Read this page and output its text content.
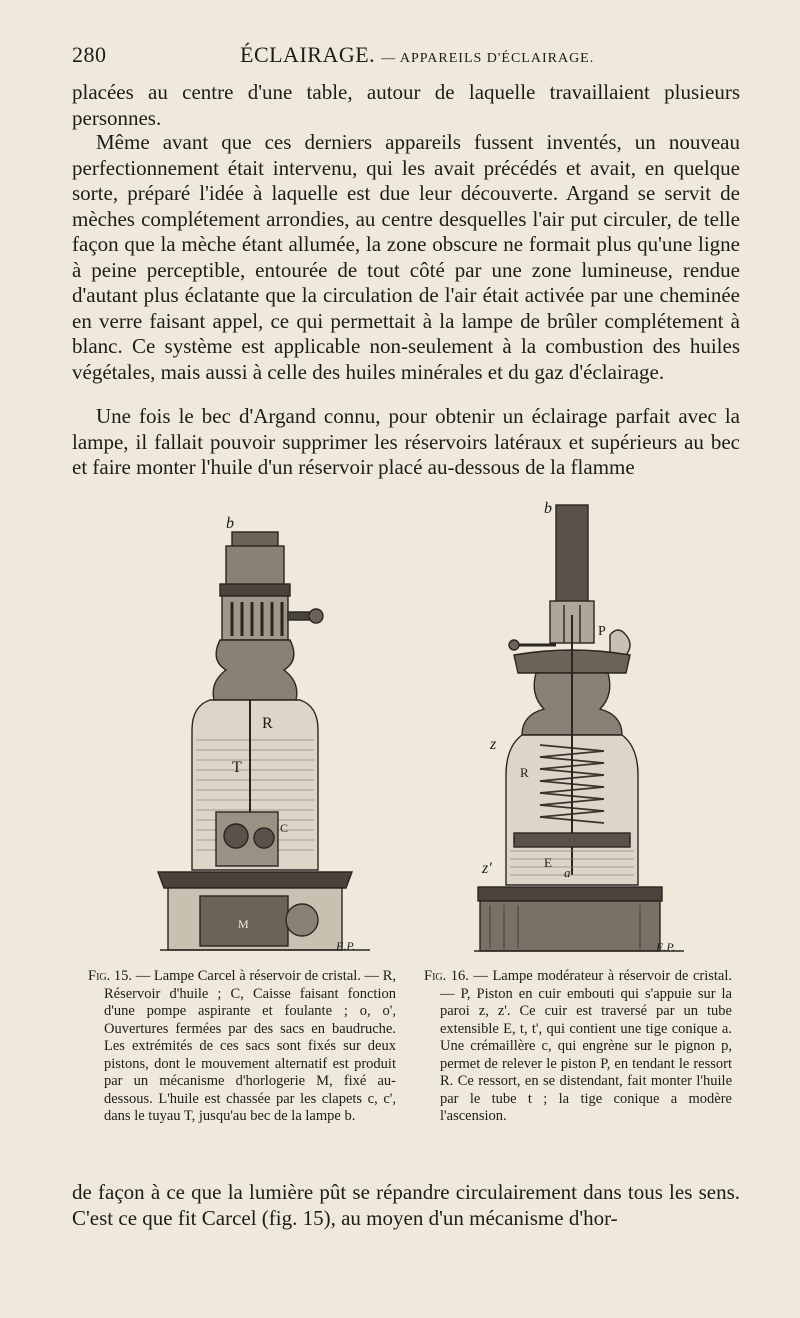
280	ÉCLAIRAGE. — APPAREILS D'ÉCLAIRAGE.

placées au centre d'une table, autour de laquelle travaillaient plusieurs personnes.

Même avant que ces derniers appareils fussent inventés, un nouveau perfectionnement était intervenu, qui les avait précédés et avait, en quelque sorte, préparé l'idée à laquelle est due leur découverte. Argand se servit de mèches complétement arrondies, au centre desquelles l'air put circuler, de telle façon que la mèche étant allumée, la zone obscure ne formait plus qu'une ligne à peine perceptible, entourée de tout côté par une zone lumineuse, rendue d'autant plus éclatante que la circulation de l'air était activée par une cheminée en verre faisant appel, ce qui permettait à la lampe de brûler complétement à blanc. Ce système est applicable non-seulement à la combustion des huiles végétales, mais aussi à celle des huiles minérales et du gaz d'éclairage.

Une fois le bec d'Argand connu, pour obtenir un éclairage parfait avec la lampe, il fallait pouvoir supprimer les réservoirs latéraux et supérieurs au bec et faire monter l'huile d'un réservoir placé au-dessous de la flamme

b
R
T
C
M
E.P.
b
P
z
R
E
a
z'
E.P.
Fig. 15. — Lampe Carcel à réservoir de cristal. — R, Réservoir d'huile ; C, Caisse faisant fonction d'une pompe aspirante et foulante ; o, o', Ouvertures fermées par des sacs en baudruche. Les extrémités de ces sacs sont fixés sur deux pistons, dont le mouvement alternatif est produit par un mécanisme d'horlogerie M, fixé au-dessous. L'huile est chassée par les clapets c, c', dans le tuyau T, jusqu'au bec de la lampe b.
Fig. 16. — Lampe modérateur à réservoir de cristal. — P, Piston en cuir embouti qui s'appuie sur la paroi z, z'. Ce cuir est traversé par un tube extensible E, t, t', qui contient une tige conique a. Une crémaillère c, qui engrène sur le pignon p, permet de relever le piston P, en tendant le ressort R. Ce ressort, en se distendant, fait monter l'huile par le tube t ; la tige conique a modère l'ascension.

de façon à ce que la lumière pût se répandre circulairement dans tous les sens. C'est ce que fit Carcel (fig. 15), au moyen d'un mécanisme d'hor-
